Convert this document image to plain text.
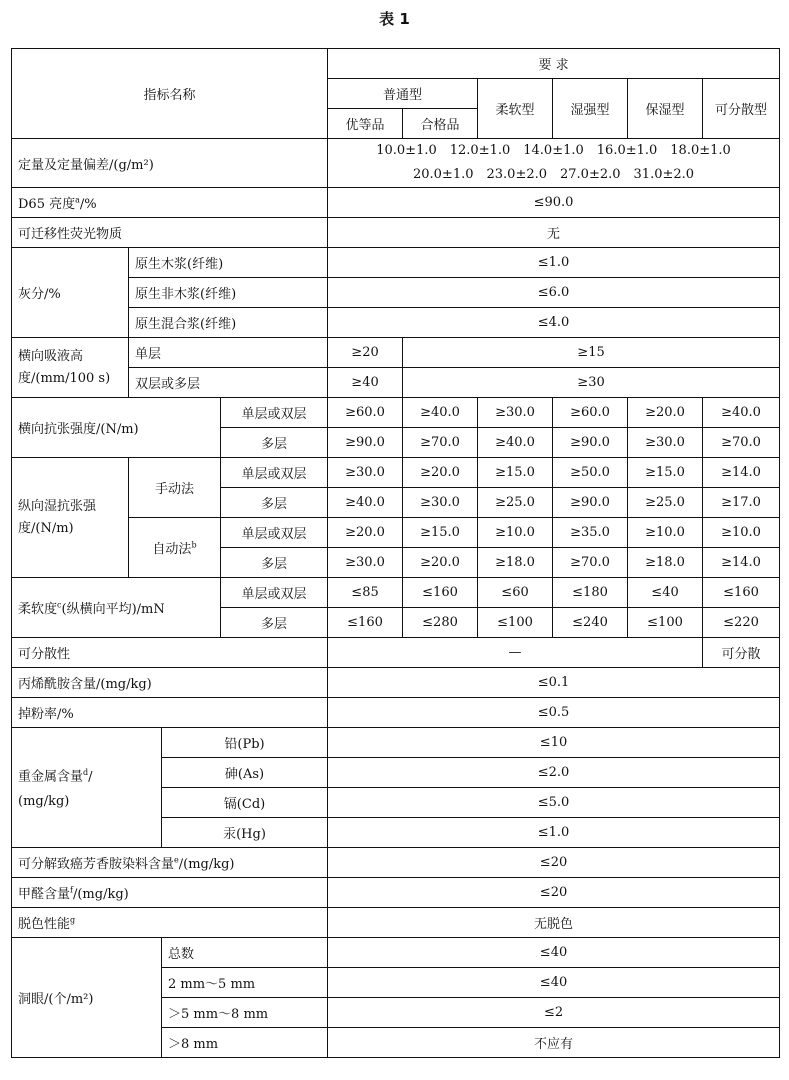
表 1
指标名称				要 求					
				普通型		柔软型	湿强型	保湿型	可分散型
				优等品	合格品				
定量及定量偏差/(g/m²)				10.0±1.0　12.0±1.0　14.0±1.0　16.0±1.0　18.0±1.0
20.0±1.0　23.0±2.0　27.0±2.0　31.0±2.0					

D65 亮度$^a$/%				≤90.0					
可迁移性荧光物质				无					
灰分/%	原生木浆(纤维)			≤1.0					
	原生非木浆(纤维)			≤6.0					
	原生混合浆(纤维)			≤4.0					
横向吸液高度/(mm/100 s)	单层			≥20	≥15				
	双层或多层			≥40	≥30				
横向抗张强度/(N/m)			单层或双层	≥60.0	≥40.0	≥30.0	≥60.0	≥20.0	≥40.0
			多层	≥90.0	≥70.0	≥40.0	≥90.0	≥30.0	≥70.0
纵向湿抗张强度/(N/m)	手动法		单层或双层	≥30.0	≥20.0	≥15.0	≥50.0	≥15.0	≥14.0
			多层	≥40.0	≥30.0	≥25.0	≥90.0	≥25.0	≥17.0
	自动法$^b$		单层或双层	≥20.0	≥15.0	≥10.0	≥35.0	≥10.0	≥10.0
			多层	≥30.0	≥20.0	≥18.0	≥70.0	≥18.0	≥14.0
柔软度$^c$(纵横向平均)/mN			单层或双层	≤85	≤160	≤60	≤180	≤40	≤160
			多层	≤160	≤280	≤100	≤240	≤100	≤220
可分散性				—					可分散
丙烯酰胺含量/(mg/kg)				≤0.1					
掉粉率/%				≤0.5					

重金属含量$^d$/
(mg/kg)		铅(Pb)		≤10					
		砷(As)		≤2.0					
		镉(Cd)		≤5.0					
		汞(Hg)		≤1.0					
可分解致癌芳香胺染料含量$^e$/(mg/kg)				≤20					
甲醛含量$^f$/(mg/kg)				≤20					
脱色性能$^g$				无脱色					
洞眼/(个/m²)		总数		≤40					
		2 mm～5 mm		≤40					
		＞5 mm～8 mm		≤2					
		＞8 mm		不应有					
